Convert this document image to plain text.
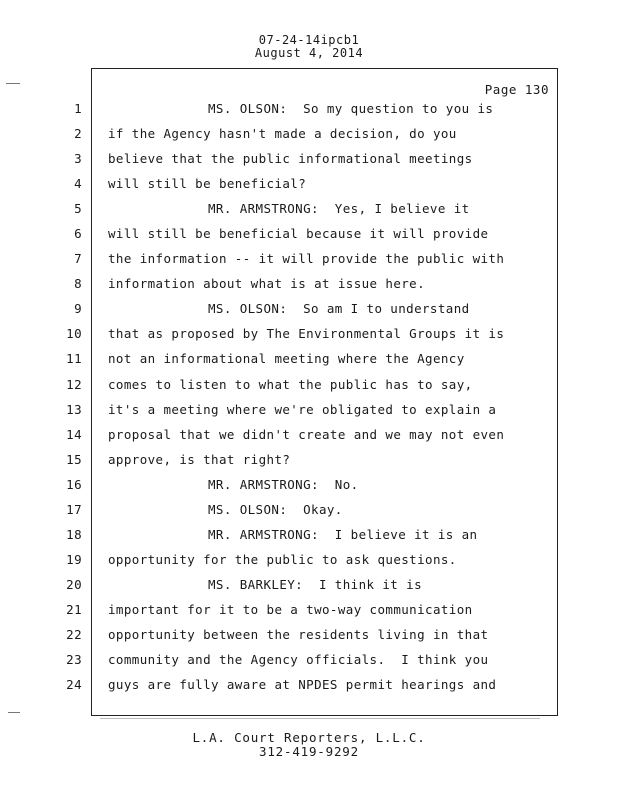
07-24-14ipcb1
August 4, 2014
Page 130
1	MS. OLSON:  So my question to you is
2 if the Agency hasn't made a decision, do you
3 believe that the public informational meetings
4 will still be beneficial?
5	MR. ARMSTRONG:  Yes, I believe it
6 will still be beneficial because it will provide
7 the information -- it will provide the public with
8 information about what is at issue here.
9	MS. OLSON:  So am I to understand
10 that as proposed by The Environmental Groups it is
11 not an informational meeting where the Agency
12 comes to listen to what the public has to say,
13 it's a meeting where we're obligated to explain a
14 proposal that we didn't create and we may not even
15 approve, is that right?
16	MR. ARMSTRONG:  No.
17	MS. OLSON:  Okay.
18	MR. ARMSTRONG:  I believe it is an
19 opportunity for the public to ask questions.
20	MS. BARKLEY:  I think it is
21 important for it to be a two-way communication
22 opportunity between the residents living in that
23 community and the Agency officials.  I think you
24 guys are fully aware at NPDES permit hearings and
L.A. Court Reporters, L.L.C.
312-419-9292
